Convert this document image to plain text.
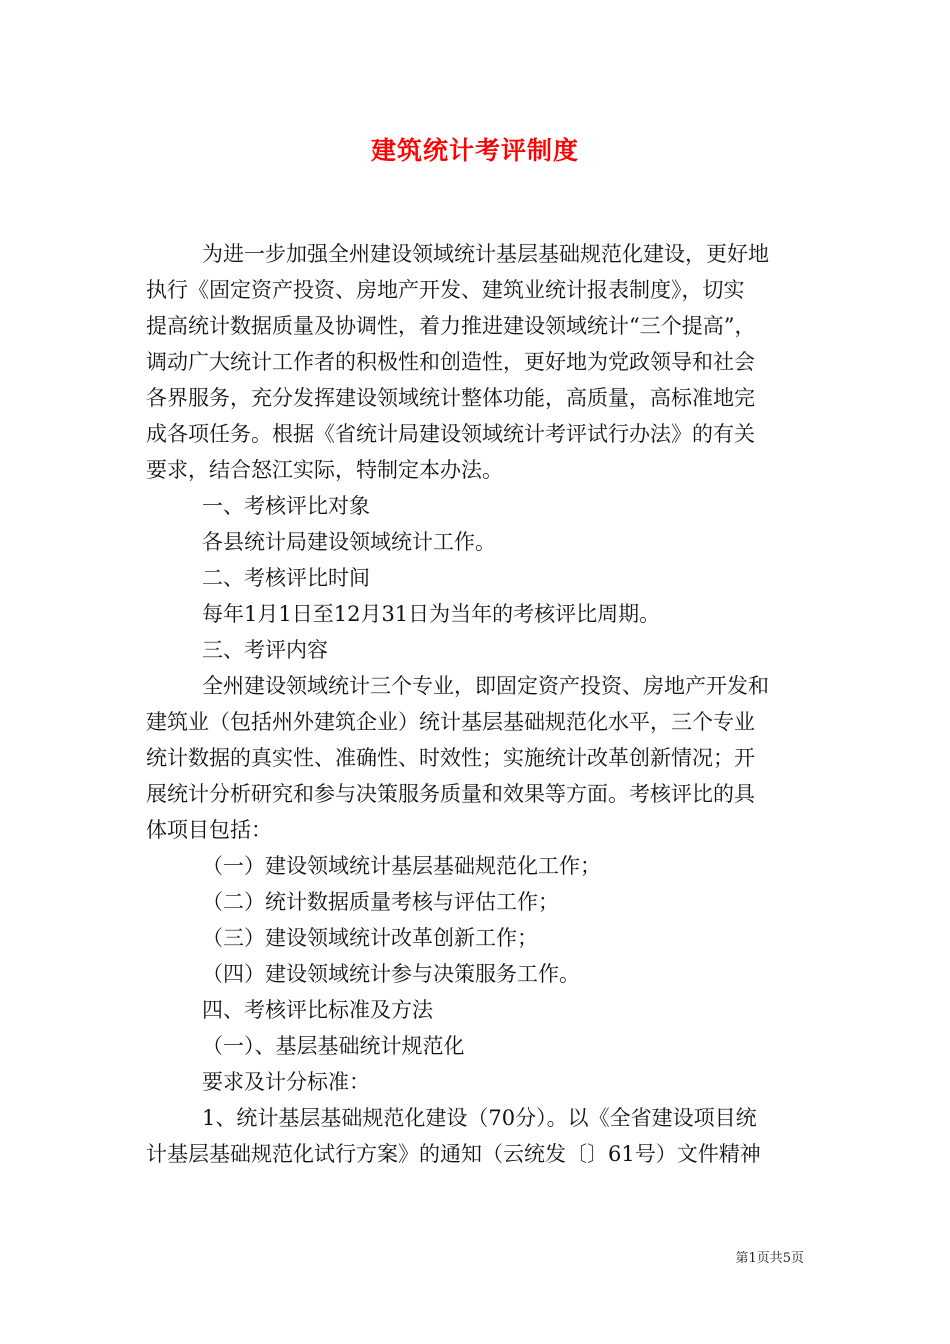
建筑统计考评制度
为进一步加强全州建设领域统计基层基础规范化建设，更好地
执行《固定资产投资、房地产开发、建筑业统计报表制度》，切实
提高统计数据质量及协调性，着力推进建设领域统计“三个提高”，
调动广大统计工作者的积极性和创造性，更好地为党政领导和社会
各界服务，充分发挥建设领域统计整体功能，高质量，高标准地完
成各项任务。根据《省统计局建设领域统计考评试行办法》的有关
要求，结合怒江实际，特制定本办法。
一、考核评比对象
各县统计局建设领域统计工作。
二、考核评比时间
每年1月1日至12月31日为当年的考核评比周期。
三、考评内容
全州建设领域统计三个专业，即固定资产投资、房地产开发和
建筑业（包括州外建筑企业）统计基层基础规范化水平，三个专业
统计数据的真实性、准确性、时效性；实施统计改革创新情况；开
展统计分析研究和参与决策服务质量和效果等方面。考核评比的具
体项目包括：
（一）建设领域统计基层基础规范化工作；
（二）统计数据质量考核与评估工作；
（三）建设领域统计改革创新工作；
（四）建设领域统计参与决策服务工作。
四、考核评比标准及方法
（一）、基层基础统计规范化
要求及计分标准：
1、统计基层基础规范化建设（70分）。以《全省建设项目统
计基层基础规范化试行方案》的通知（云统发〔〕61号）文件精神
第1页共5页
